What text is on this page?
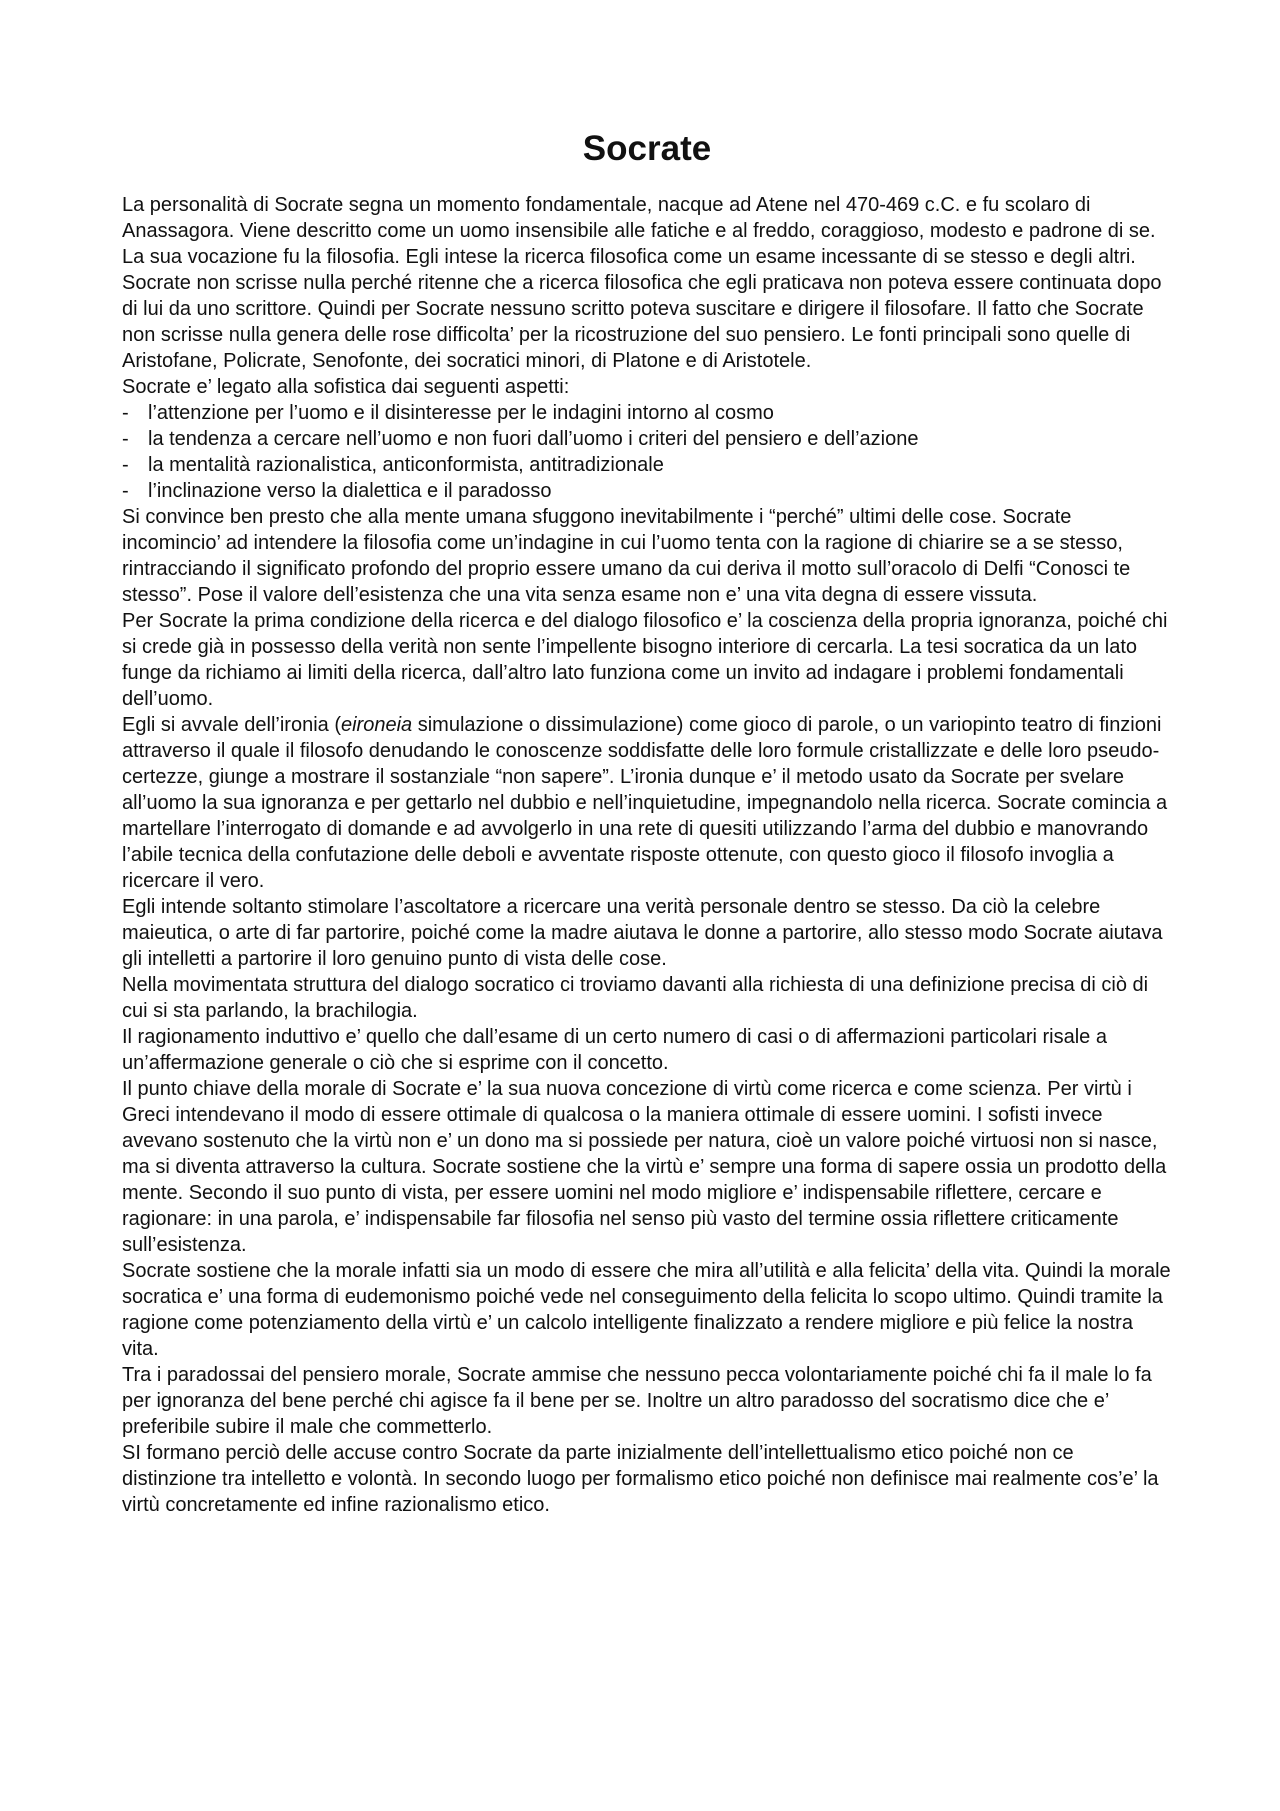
Socrate

La personalità di Socrate segna un momento fondamentale, nacque ad Atene nel 470-469 c.C. e fu scolaro di Anassagora. Viene descritto come un uomo insensibile alle fatiche e al freddo, coraggioso, modesto e padrone di se. La sua vocazione fu la filosofia. Egli intese la ricerca filosofica come un esame incessante di se stesso e degli altri. Socrate non scrisse nulla perché ritenne che a ricerca filosofica che egli praticava non poteva essere continuata dopo di lui da uno scrittore. Quindi per Socrate nessuno scritto poteva suscitare e dirigere il filosofare. Il fatto che Socrate non scrisse nulla genera delle rose difficolta’ per la ricostruzione del suo pensiero. Le fonti principali sono quelle di Aristofane, Policrate, Senofonte, dei socratici minori, di Platone e di Aristotele.

Socrate e’ legato alla sofistica dai seguenti aspetti:

- l’attenzione per l’uomo e il disinteresse per le indagini intorno al cosmo
- la tendenza a cercare nell’uomo e non fuori dall’uomo i criteri del pensiero e dell’azione
- la mentalità razionalistica, anticonformista, antitradizionale
- l’inclinazione verso la dialettica e il paradosso

Si convince ben presto che alla mente umana sfuggono inevitabilmente i “perché” ultimi delle cose. Socrate incomincio’ ad intendere la filosofia come un’indagine in cui l’uomo tenta con la ragione di chiarire se a se stesso, rintracciando il significato profondo del proprio essere umano da cui deriva il motto sull’oracolo di Delfi “Conosci te stesso”. Pose il valore dell’esistenza che una vita senza esame non e’ una vita degna di essere vissuta.

Per Socrate la prima condizione della ricerca e del dialogo filosofico e’ la coscienza della propria ignoranza, poiché chi si crede già in possesso della verità non sente l’impellente bisogno interiore di cercarla. La tesi socratica da un lato funge da richiamo ai limiti della ricerca, dall’altro lato funziona come un invito ad indagare i problemi fondamentali dell’uomo.

Egli si avvale dell’ironia (eironeia simulazione o dissimulazione) come gioco di parole, o un variopinto teatro di finzioni attraverso il quale il filosofo denudando le conoscenze soddisfatte delle loro formule cristallizzate e delle loro pseudo-certezze, giunge a mostrare il sostanziale “non sapere”. L’ironia dunque e’ il metodo usato da Socrate per svelare all’uomo la sua ignoranza e per gettarlo nel dubbio e nell’inquietudine, impegnandolo nella ricerca. Socrate comincia a martellare l’interrogato di domande e ad avvolgerlo in una rete di quesiti utilizzando l’arma del dubbio e manovrando l’abile tecnica della confutazione delle deboli e avventate risposte ottenute, con questo gioco il filosofo invoglia a ricercare il vero.

Egli intende soltanto stimolare l’ascoltatore a ricercare una verità personale dentro se stesso. Da ciò la celebre maieutica, o arte di far partorire, poiché come la madre aiutava le donne a partorire, allo stesso modo Socrate aiutava gli intelletti a partorire il loro genuino punto di vista delle cose.

Nella movimentata struttura del dialogo socratico ci troviamo davanti alla richiesta di una definizione precisa di ciò di cui si sta parlando, la brachilogia.

Il ragionamento induttivo e’ quello che dall’esame di un certo numero di casi o di affermazioni particolari risale a un’affermazione generale o ciò che si esprime con il concetto.

Il punto chiave della morale di Socrate e’ la sua nuova concezione di virtù come ricerca e come scienza. Per virtù i Greci intendevano il modo di essere ottimale di qualcosa o la maniera ottimale di essere uomini. I sofisti invece avevano sostenuto che la virtù non e’ un dono ma si possiede per natura, cioè un valore poiché virtuosi non si nasce, ma si diventa attraverso la cultura. Socrate sostiene che la virtù e’ sempre una forma di sapere ossia un prodotto della mente. Secondo il suo punto di vista, per essere uomini nel modo migliore e’ indispensabile riflettere, cercare e ragionare: in una parola, e’ indispensabile far filosofia nel senso più vasto del termine ossia riflettere criticamente sull’esistenza.

Socrate sostiene che la morale infatti sia un modo di essere che mira all’utilità e alla felicita’ della vita. Quindi la morale socratica e’ una forma di eudemonismo poiché vede nel conseguimento della felicita lo scopo ultimo. Quindi tramite la ragione come potenziamento della virtù e’ un calcolo intelligente finalizzato a rendere migliore e più felice la nostra vita.

Tra i paradossai del pensiero morale, Socrate ammise che nessuno pecca volontariamente poiché chi fa il male lo fa per ignoranza del bene perché chi agisce fa il bene per se. Inoltre un altro paradosso del socratismo dice che e’ preferibile subire il male che commetterlo.

SI formano perciò delle accuse contro Socrate da parte inizialmente dell’intellettualismo etico poiché non ce distinzione tra intelletto e volontà. In secondo luogo per formalismo etico poiché non definisce mai realmente cos’e’ la virtù concretamente ed infine razionalismo etico.
